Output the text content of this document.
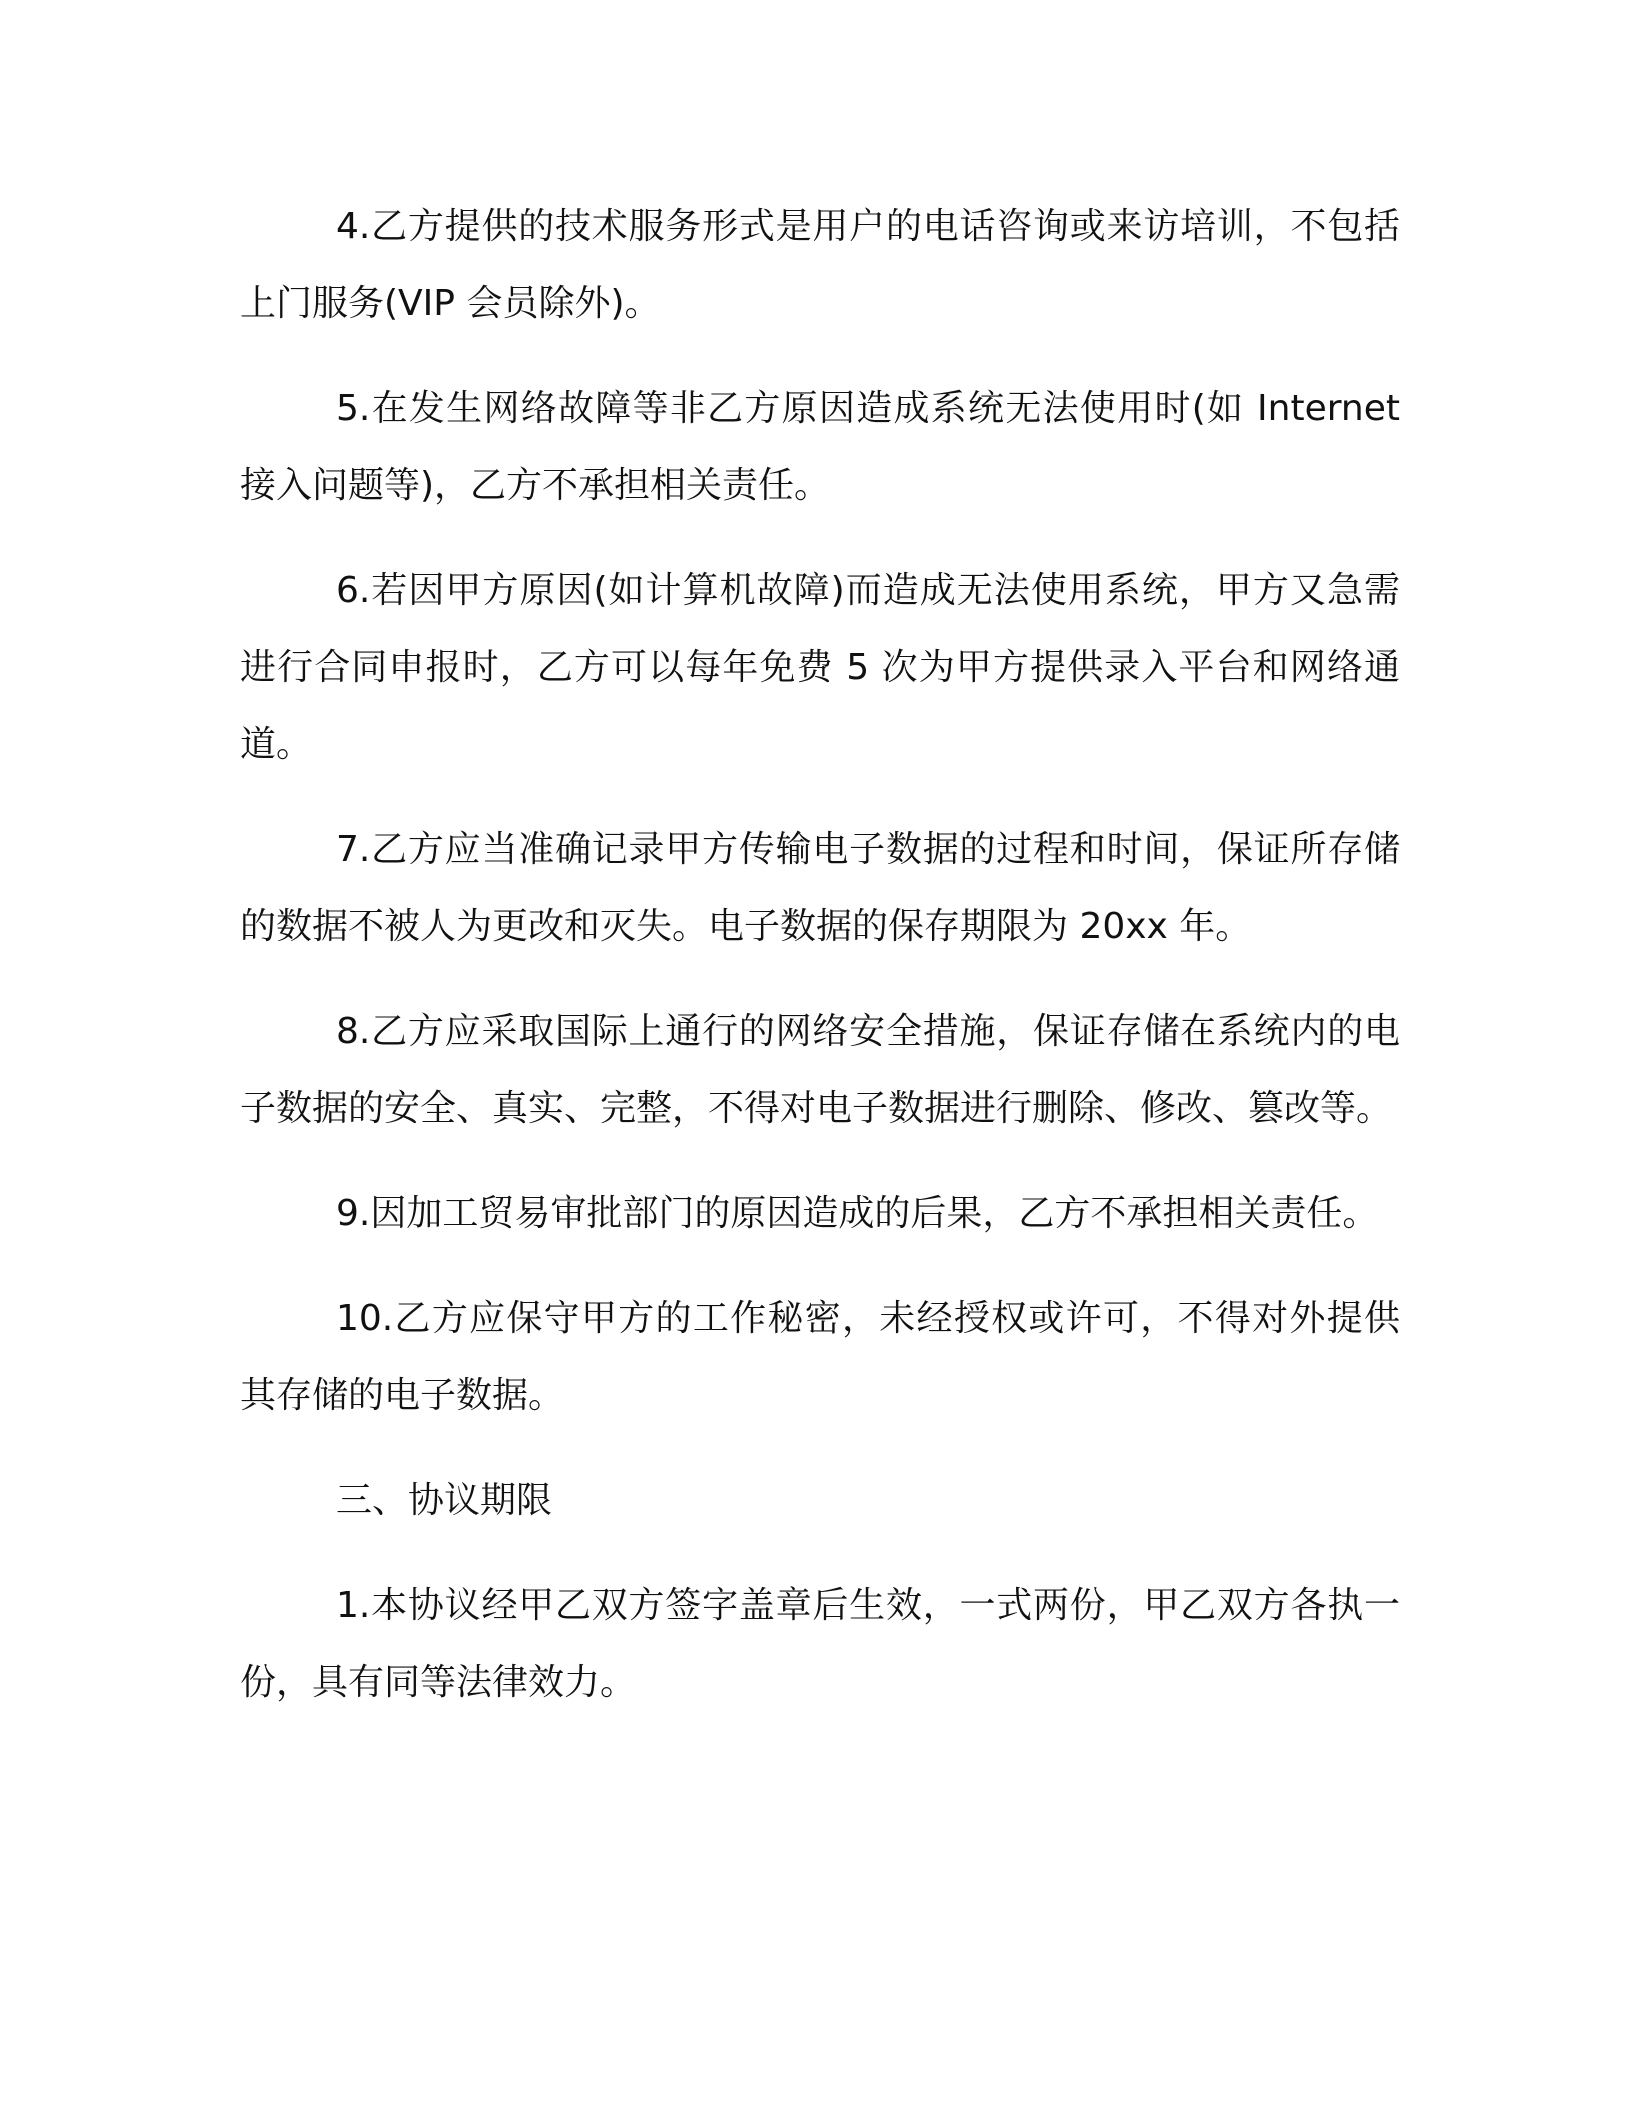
4.乙方提供的技术服务形式是用户的电话咨询或来访培训，不包括上门服务(VIP 会员除外)。

5.在发生网络故障等非乙方原因造成系统无法使用时(如 Internet 接入问题等)，乙方不承担相关责任。

6.若因甲方原因(如计算机故障)而造成无法使用系统，甲方又急需进行合同申报时，乙方可以每年免费 5 次为甲方提供录入平台和网络通道。

7.乙方应当准确记录甲方传输电子数据的过程和时间，保证所存储的数据不被人为更改和灭失。电子数据的保存期限为 20xx 年。

8.乙方应采取国际上通行的网络安全措施，保证存储在系统内的电子数据的安全、真实、完整，不得对电子数据进行删除、修改、篡改等。

9.因加工贸易审批部门的原因造成的后果，乙方不承担相关责任。

10.乙方应保守甲方的工作秘密，未经授权或许可，不得对外提供其存储的电子数据。

三、协议期限

1.本协议经甲乙双方签字盖章后生效，一式两份，甲乙双方各执一份，具有同等法律效力。
